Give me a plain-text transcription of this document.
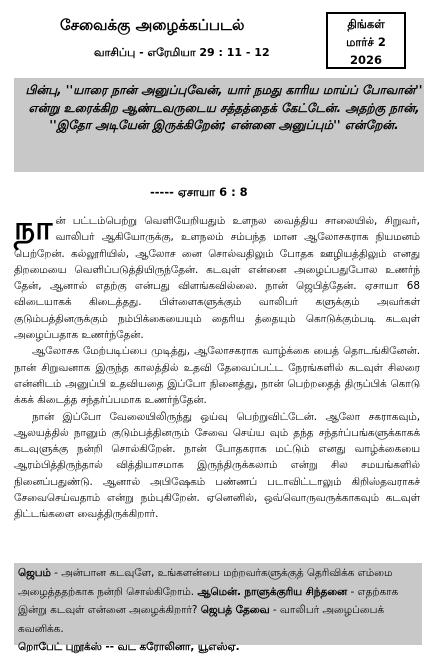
சேவைக்கு அழைக்கப்படல்
வாசிப்பு - எரேமியா 29 : 11 - 12
திங்கள்
மார்ச் 2
2026
பின்பு, ''யாரை நான் அனுப்புவேன், யார் நமது காரிய மாய்ப் போவான்'' என்று உரைக்கிற ஆண்டவருடைய சத்தத்தைக் கேட்டேன். அதற்கு நான், ''இதோ அடியேன் இருக்கிறேன்; என்னை அனுப்பும்'' என்றேன்.
----- ஏசாயா 6 : 8

நான் பட்டம்பெற்று வெளியேறியதும் உளநல வைத்திய சாலையில், சிறுவர், வாலிபர் ஆகியோருக்கு, உளநலம் சம்பந்த மான ஆலோசகராக நியமனம் பெற்றேன். கல்லூரியில், ஆலோச னை சொல்வதிலும் போதக ஊழியத்திலும் எனது திறமையை வெளிப்படுத்தியிருந்தேன். கடவுள் என்னை அழைப்பதுபோல உணர்ந் தேன், ஆனால் எதற்கு என்பது விளங்கவில்லை. நான் ஜெபித்தேன். ஏசாயா 68 விடையாகக் கிடைத்தது. பிள்ளைகளுக்கும் வாலிபர் களுக்கும் அவர்கள் குடும்பத்தினருக்கும் நம்பிக்கையையும் தைரிய த்தையும் கொடுக்கும்படி கடவுள் அழைப்பதாக உணர்ந்தேன்.

ஆலோசக மேற்படிப்பை முடித்து, ஆலோசகராக வாழ்க்கை யைத் தொடங்கினேன். நான் சிறுவனாக இருந்த காலத்தில் உதவி தேவைப்பட்ட நேரங்களில் கடவுள் சிலரை என்னிடம் அனுப்பி உதவியதை இப்போ நினைத்து, நான் பெற்றதைத் திருப்பிக் கொடு க்கக் கிடைத்த சந்தர்ப்பமாக உணர்ந்தேன்.

நான் இப்போ வேலையிலிருந்து ஒய்வு பெற்றுவிட்டேன். ஆலோ சகராகவும், ஆலயத்தில் நானும் குடும்பத்தினரும் சேவை செய்ய வும் தந்த சந்தர்ப்பங்களுக்காகக் கடவுளுக்கு நன்றி சொல்கிறேன். நான் போதகராக மட்டும் எனது வாழ்க்கையை ஆரம்பித்திருந்தால் வித்தியாசமாக இருந்திருக்கலாம் என்று சில சமயங்களில் நினைப்பதுண்டு. ஆனால் அபிஷேகம் பண்ணப் படாவிட்டாலும் கிறிஸ்தவராகச் சேவைசெய்வதாம் என்று நம்புகிறேன். ஏனெனில், ஒவ்வொருவருக்காகவும் கடவுள் திட்டங்களை வைத்திருக்கிறார்.

ஜெபம் - அன்பான கடவுளே, உங்களன்பை மற்றவர்களுக்குத் தெரிவிக்க எம்மை அழைத்ததற்காக நன்றி சொல்கிறோம். ஆமென். நாளுக்குரிய சிந்தனை - எதற்காக இன்று கடவுள் என்னை அழைக்கிறார்? ஜெபத் தேவை - வாலிபர் அழைப்பைக் கவனிக்க.
றொபேட் புறூக்ஸ் -- வட கரோலினா, யூஎஸ்ஏ.
